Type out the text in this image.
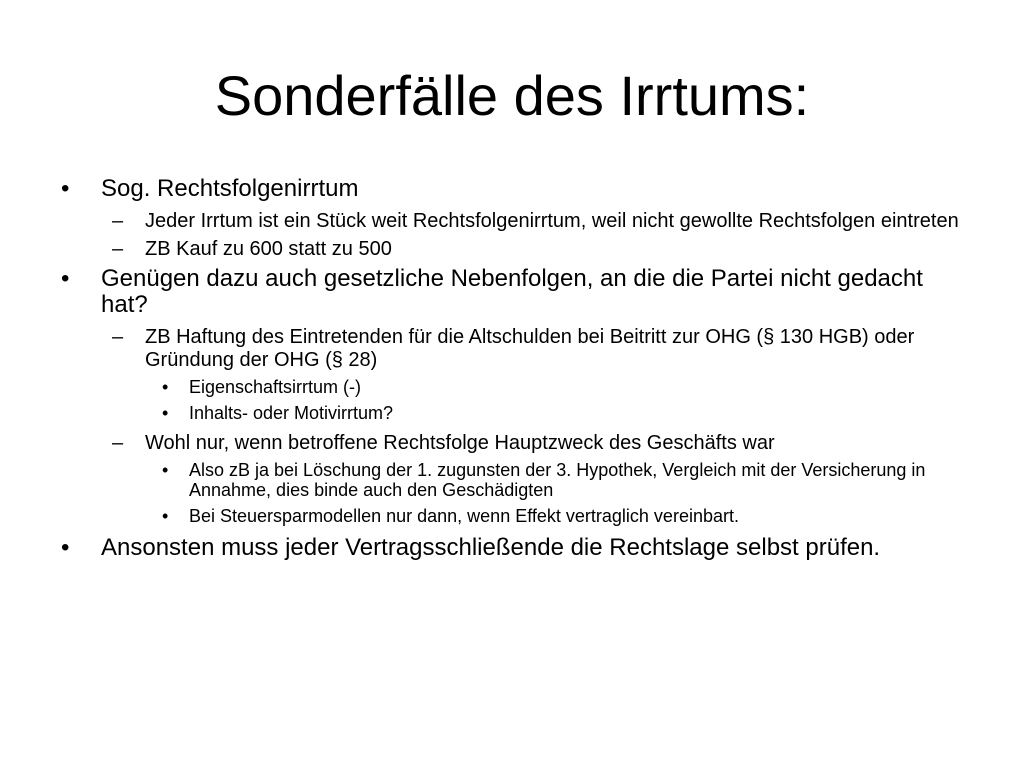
Sonderfälle des Irrtums:
• Sog. Rechtsfolgenirrtum
– Jeder Irrtum ist ein Stück weit Rechtsfolgenirrtum, weil nicht gewollte Rechtsfolgen eintreten
– ZB Kauf zu 600 statt zu 500
• Genügen dazu auch gesetzliche Nebenfolgen, an die die Partei nicht gedacht hat?
– ZB Haftung des Eintretenden für die Altschulden bei Beitritt zur OHG (§ 130 HGB) oder Gründung der OHG (§ 28)
• Eigenschaftsirrtum (-)
• Inhalts- oder Motivirrtum?
– Wohl nur, wenn betroffene Rechtsfolge Hauptzweck des Geschäfts war
• Also zB ja bei Löschung der 1. zugunsten der 3. Hypothek, Vergleich mit der Versicherung in Annahme, dies binde auch den Geschädigten
• Bei Steuersparmodellen nur dann, wenn Effekt vertraglich vereinbart.
• Ansonsten muss jeder Vertragsschließende die Rechtslage selbst prüfen.
